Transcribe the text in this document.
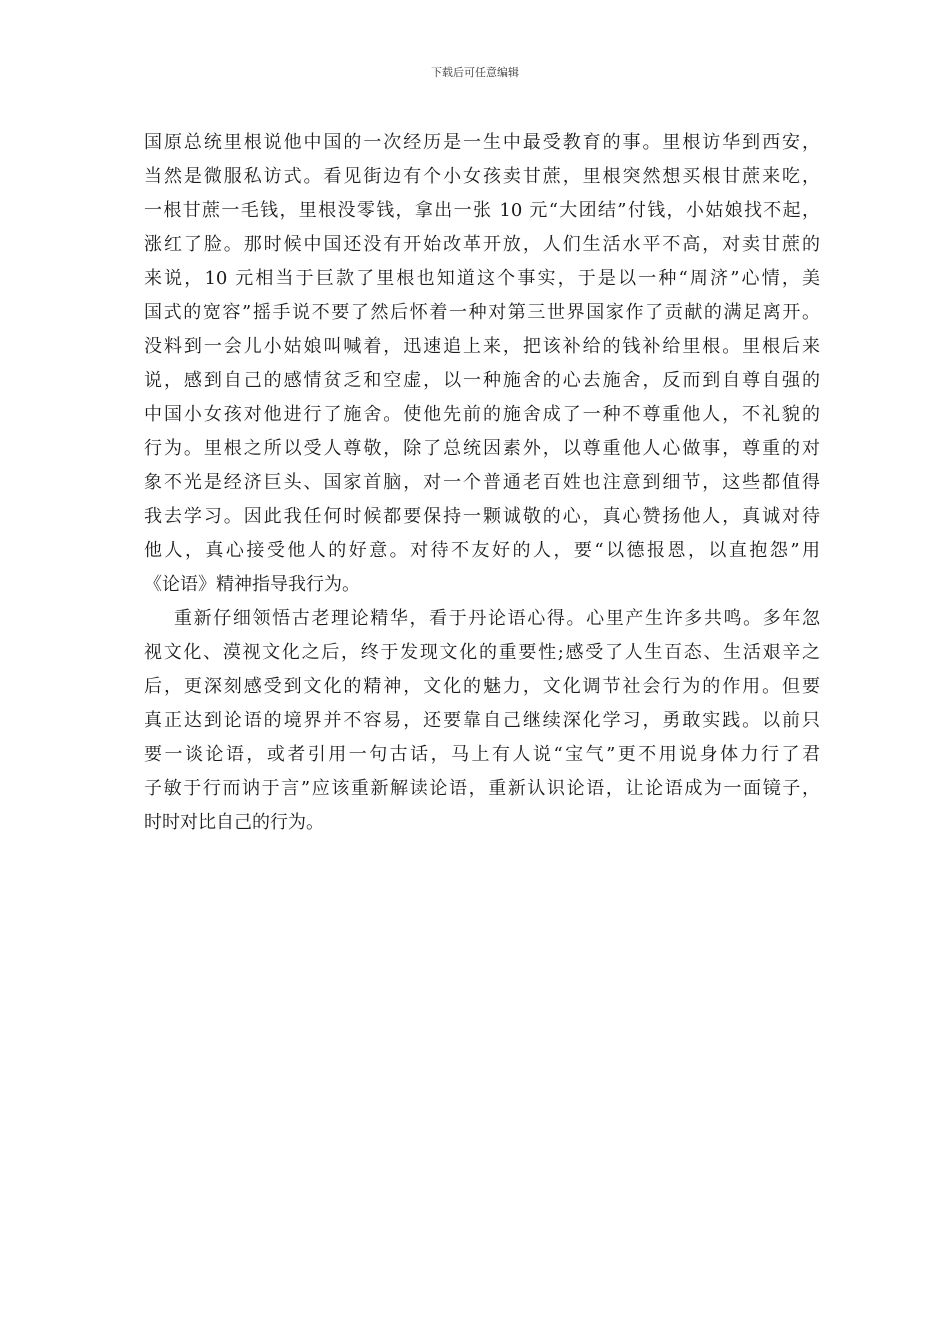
下载后可任意编辑
国原总统里根说他中国的一次经历是一生中最受教育的事。里根访华到西安，
当然是微服私访式。看见街边有个小女孩卖甘蔗，里根突然想买根甘蔗来吃，
一根甘蔗一毛钱，里根没零钱，拿出一张 10 元“大团结”付钱，小姑娘找不起，
涨红了脸。那时候中国还没有开始改革开放，人们生活水平不高，对卖甘蔗的
来说，10 元相当于巨款了里根也知道这个事实，于是以一种“周济”心情，美
国式的宽容”摇手说不要了然后怀着一种对第三世界国家作了贡献的满足离开。
没料到一会儿小姑娘叫喊着，迅速追上来，把该补给的钱补给里根。里根后来
说，感到自己的感情贫乏和空虚，以一种施舍的心去施舍，反而到自尊自强的
中国小女孩对他进行了施舍。使他先前的施舍成了一种不尊重他人，不礼貌的
行为。里根之所以受人尊敬，除了总统因素外，以尊重他人心做事，尊重的对
象不光是经济巨头、国家首脑，对一个普通老百姓也注意到细节，这些都值得
我去学习。因此我任何时候都要保持一颗诚敬的心，真心赞扬他人，真诚对待
他人，真心接受他人的好意。对待不友好的人，要“以德报恩，以直抱怨”用
《论语》精神指导我行为。
重新仔细领悟古老理论精华，看于丹论语心得。心里产生许多共鸣。多年忽
视文化、漠视文化之后，终于发现文化的重要性;感受了人生百态、生活艰辛之
后，更深刻感受到文化的精神，文化的魅力，文化调节社会行为的作用。但要
真正达到论语的境界并不容易，还要靠自己继续深化学习，勇敢实践。以前只
要一谈论语，或者引用一句古话，马上有人说“宝气”更不用说身体力行了君
子敏于行而讷于言”应该重新解读论语，重新认识论语，让论语成为一面镜子，
时时对比自己的行为。
